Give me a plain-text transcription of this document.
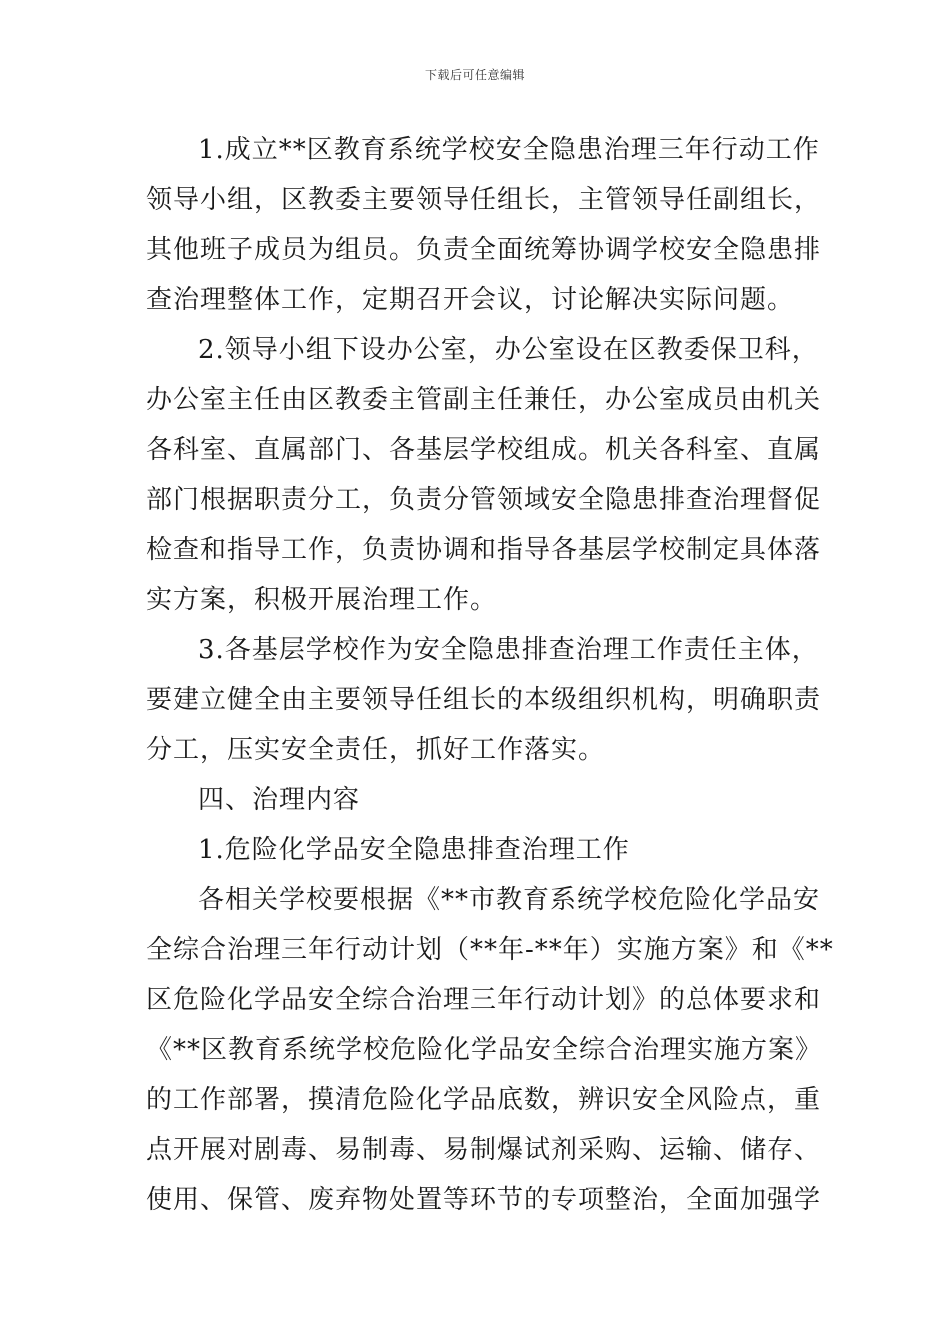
下载后可任意编辑
1.成立**区教育系统学校安全隐患治理三年行动工作
领导小组，区教委主要领导任组长，主管领导任副组长，
其他班子成员为组员。负责全面统筹协调学校安全隐患排
查治理整体工作，定期召开会议，讨论解决实际问题。
2.领导小组下设办公室，办公室设在区教委保卫科，
办公室主任由区教委主管副主任兼任，办公室成员由机关
各科室、直属部门、各基层学校组成。机关各科室、直属
部门根据职责分工，负责分管领域安全隐患排查治理督促
检查和指导工作，负责协调和指导各基层学校制定具体落
实方案，积极开展治理工作。
3.各基层学校作为安全隐患排查治理工作责任主体，
要建立健全由主要领导任组长的本级组织机构，明确职责
分工，压实安全责任，抓好工作落实。
四、治理内容
1.危险化学品安全隐患排查治理工作
各相关学校要根据《**市教育系统学校危险化学品安
全综合治理三年行动计划（**年-**年）实施方案》和《**
区危险化学品安全综合治理三年行动计划》的总体要求和
《**区教育系统学校危险化学品安全综合治理实施方案》
的工作部署，摸清危险化学品底数，辨识安全风险点，重
点开展对剧毒、易制毒、易制爆试剂采购、运输、储存、
使用、保管、废弃物处置等环节的专项整治，全面加强学
